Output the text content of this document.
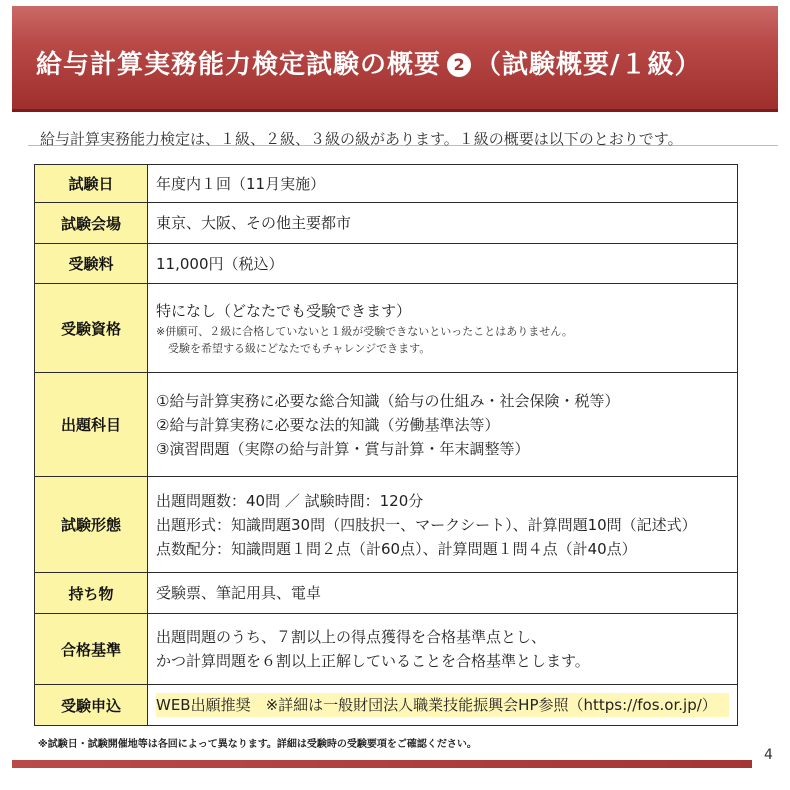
給与計算実務能力検定試験の概要 2 （試験概要/１級）
給与計算実務能力検定は、１級、２級、３級の級があります。１級の概要は以下のとおりです。
試験日	年度内１回（11月実施）

試験会場	東京、大阪、その他主要都市

受験料	11,000円（税込）

受験資格	特になし（どなたでも受験できます）
※併願可、２級に合格していないと１級が受験できないといったことはありません。
受験を希望する級にどなたでもチャレンジできます。

出題科目	①給与計算実務に必要な総合知識（給与の仕組み・社会保険・税等）
②給与計算実務に必要な法的知識（労働基準法等）
③演習問題（実際の給与計算・賞与計算・年末調整等）

試験形態	出題問題数：40問 ／ 試験時間：120分
出題形式：知識問題30問（四肢択一、マークシート）、計算問題10問（記述式）
点数配分：知識問題１問２点（計60点）、計算問題１問４点（計40点）

持ち物	受験票、筆記用具、電卓

合格基準	出題問題のうち、７割以上の得点獲得を合格基準点とし、
かつ計算問題を６割以上正解していることを合格基準とします。

受験申込	WEB出願推奨　※詳細は一般財団法人職業技能振興会HP参照（https://fos.or.jp/）
※試験日・試験開催地等は各回によって異なります。詳細は受験時の受験要項をご確認ください。
4
